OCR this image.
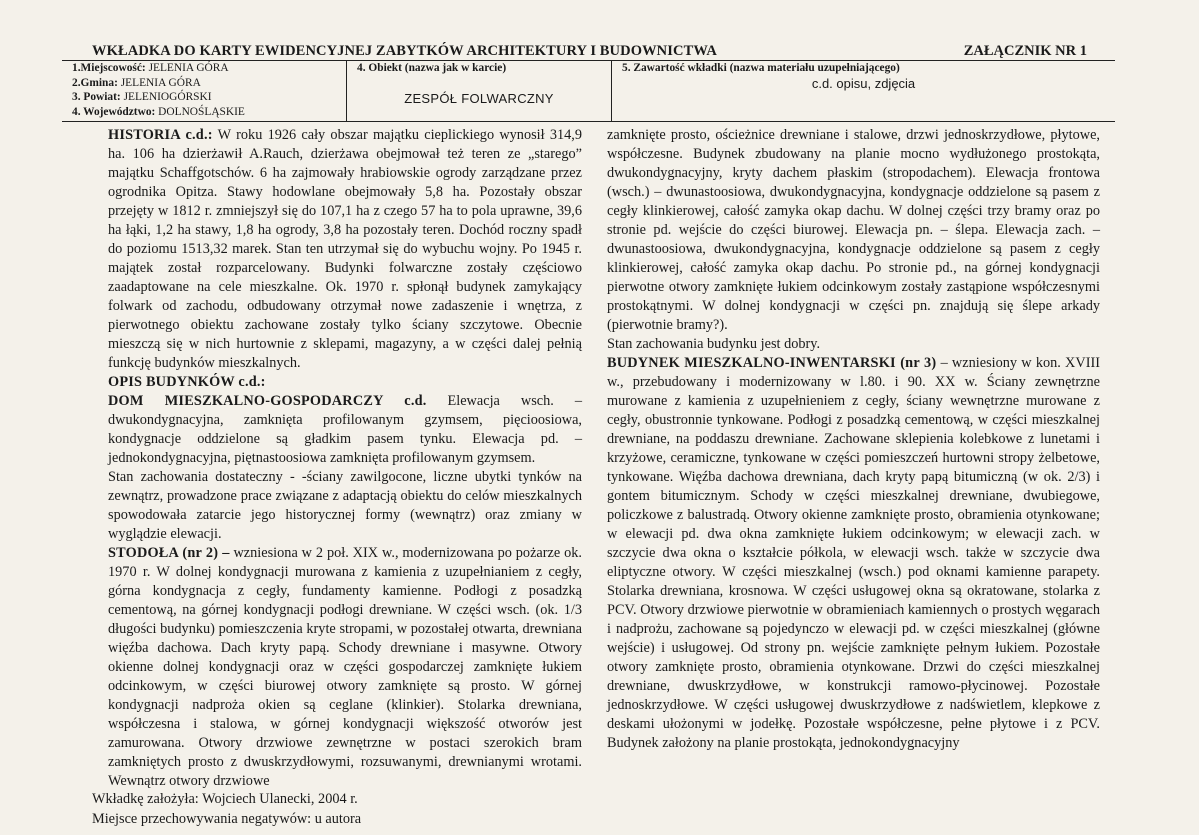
WKŁADKA DO KARTY EWIDENCYJNEJ ZABYTKÓW ARCHITEKTURY I BUDOWNICTWA	ZAŁĄCZNIK NR 1
1.Miejscowość: JELENIA GÓRA
2.Gmina: JELENIA GÓRA
3. Powiat: JELENIOGÓRSKI
4. Województwo: DOLNOŚLĄSKIE
4. Obiekt (nazwa jak w karcie)
ZESPÓŁ FOLWARCZNY
5. Zawartość wkładki (nazwa materiału uzupełniającego)
c.d. opisu, zdjęcia

HISTORIA c.d.: W roku 1926 cały obszar majątku cieplickiego wynosił 314,9 ha. 106 ha dzierżawił A.Rauch, dzierżawa obejmował też teren ze „starego” majątku Schaffgotschów. 6 ha zajmowały hrabiowskie ogrody zarządzane przez ogrodnika Opitza. Stawy hodowlane obejmowały 5,8 ha. Pozostały obszar przejęty w 1812 r. zmniejszył się do 107,1 ha z czego 57 ha to pola uprawne, 39,6 ha łąki, 1,2 ha stawy, 1,8 ha ogrody, 3,8 ha pozostały teren. Dochód roczny spadł do poziomu 1513,32 marek. Stan ten utrzymał się do wybuchu wojny. Po 1945 r. majątek został rozparcelowany. Budynki folwarczne zostały częściowo zaadaptowane na cele mieszkalne. Ok. 1970 r. spłonął budynek zamykający folwark od zachodu, odbudowany otrzymał nowe zadaszenie i wnętrza, z pierwotnego obiektu zachowane zostały tylko ściany szczytowe. Obecnie mieszczą się w nich hurtownie z sklepami, magazyny, a w części dalej pełnią funkcję budynków mieszkalnych.

OPIS BUDYNKÓW c.d.:

DOM MIESZKALNO-GOSPODARCZY c.d. Elewacja wsch. – dwukondygnacyjna, zamknięta profilowanym gzymsem, pięcioosiowa, kondygnacje oddzielone są gładkim pasem tynku. Elewacja pd. – jednokondygnacyjna, piętnastoosiowa zamknięta profilowanym gzymsem.

Stan zachowania dostateczny - -ściany zawilgocone, liczne ubytki tynków na zewnątrz, prowadzone prace związane z adaptacją obiektu do celów mieszkalnych spowodowała zatarcie jego historycznej formy (wewnątrz) oraz zmiany w wyglądzie elewacji.

STODOŁA (nr 2) – wzniesiona w 2 poł. XIX w., modernizowana po pożarze ok. 1970 r. W dolnej kondygnacji murowana z kamienia z uzupełnianiem z cegły, górna kondygnacja z cegły, fundamenty kamienne. Podłogi z posadzką cementową, na górnej kondygnacji podłogi drewniane. W części wsch. (ok. 1/3 długości budynku) pomieszczenia kryte stropami, w pozostałej otwarta, drewniana więźba dachowa. Dach kryty papą. Schody drewniane i masywne. Otwory okienne dolnej kondygnacji oraz w części gospodarczej zamknięte łukiem odcinkowym, w części biurowej otwory zamknięte są prosto. W górnej kondygnacji nadproża okien są ceglane (klinkier). Stolarka drewniana, współczesna i stalowa, w górnej kondygnacji większość otworów jest zamurowana. Otwory drzwiowe zewnętrzne w postaci szerokich bram zamkniętych prosto z dwuskrzydłowymi, rozsuwanymi, drewnianymi wrotami. Wewnątrz otwory drzwiowe

zamknięte prosto, ościeżnice drewniane i stalowe, drzwi jednoskrzydłowe, płytowe, współczesne. Budynek zbudowany na planie mocno wydłużonego prostokąta, dwukondygnacyjny, kryty dachem płaskim (stropodachem). Elewacja frontowa (wsch.) – dwunastoosiowa, dwukondygnacyjna, kondygnacje oddzielone są pasem z cegły klinkierowej, całość zamyka okap dachu. W dolnej części trzy bramy oraz po stronie pd. wejście do części biurowej. Elewacja pn. – ślepa. Elewacja zach. – dwunastoosiowa, dwukondygnacyjna, kondygnacje oddzielone są pasem z cegły klinkierowej, całość zamyka okap dachu. Po stronie pd., na górnej kondygnacji pierwotne otwory zamknięte łukiem odcinkowym zostały zastąpione współczesnymi prostokątnymi. W dolnej kondygnacji w części pn. znajdują się ślepe arkady (pierwotnie bramy?).

Stan zachowania budynku jest dobry.

BUDYNEK MIESZKALNO-INWENTARSKI (nr 3) – wzniesiony w kon. XVIII w., przebudowany i modernizowany w l.80. i 90. XX w. Ściany zewnętrzne murowane z kamienia z uzupełnieniem z cegły, ściany wewnętrzne murowane z cegły, obustronnie tynkowane. Podłogi z posadzką cementową, w części mieszkalnej drewniane, na poddaszu drewniane. Zachowane sklepienia kolebkowe z lunetami i krzyżowe, ceramiczne, tynkowane w części pomieszczeń hurtowni stropy żelbetowe, tynkowane. Więźba dachowa drewniana, dach kryty papą bitumiczną (w ok. 2/3) i gontem bitumicznym. Schody w części mieszkalnej drewniane, dwubiegowe, policzkowe z balustradą. Otwory okienne zamknięte prosto, obramienia otynkowane; w elewacji pd. dwa okna zamknięte łukiem odcinkowym; w elewacji zach. w szczycie dwa okna o kształcie półkola, w elewacji wsch. także w szczycie dwa eliptyczne otwory. W części mieszkalnej (wsch.) pod oknami kamienne parapety. Stolarka drewniana, krosnowa. W części usługowej okna są okratowane, stolarka z PCV. Otwory drzwiowe pierwotnie w obramieniach kamiennych o prostych węgarach i nadprożu, zachowane są pojedynczo w elewacji pd. w części mieszkalnej (główne wejście) i usługowej. Od strony pn. wejście zamknięte pełnym łukiem. Pozostałe otwory zamknięte prosto, obramienia otynkowane. Drzwi do części mieszkalnej drewniane, dwuskrzydłowe, w konstrukcji ramowo-płycinowej. Pozostałe jednoskrzydłowe. W części usługowej dwuskrzydłowe z nadświetlem, klepkowe z deskami ułożonymi w jodełkę. Pozostałe współczesne, pełne płytowe i z PCV. Budynek założony na planie prostokąta, jednokondygnacyjny

Wkładkę założyła: Wojciech Ulanecki, 2004 r.
Miejsce przechowywania negatywów: u autora
